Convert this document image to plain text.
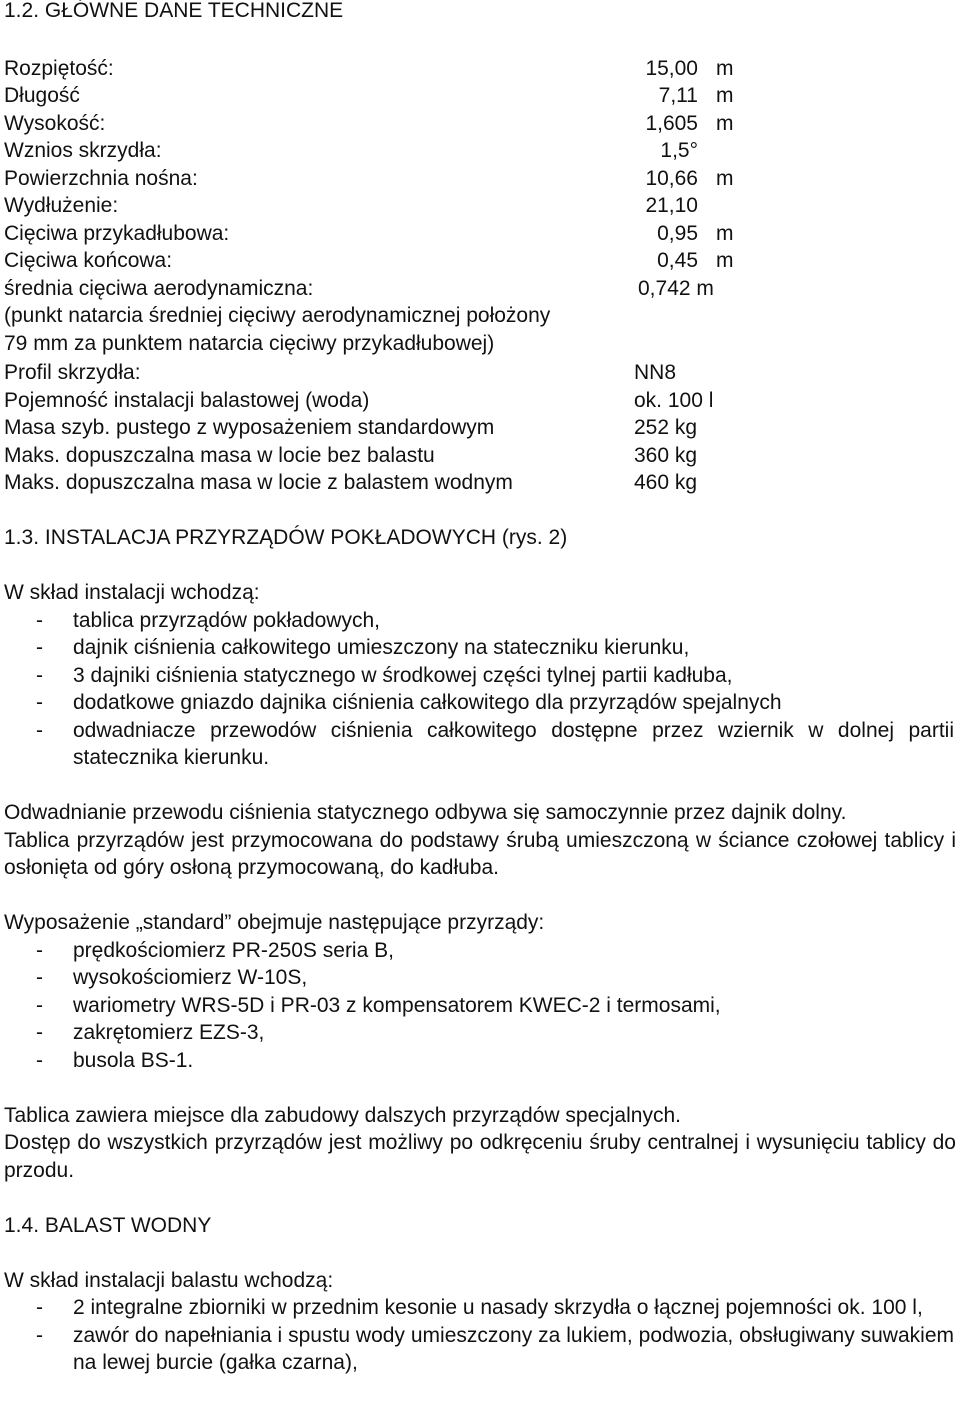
1.2. GŁÓWNE DANE TECHNICZNE
Rozpiętość:	15,00 m
Długość	7,11 m
Wysokość:	1,605 m
Wznios skrzydła:	1,5°
Powierzchnia nośna:	10,66 m
Wydłużenie:	21,10
Cięciwa przykadłubowa:	0,95 m
Cięciwa końcowa:	0,45 m
średnia cięciwa aerodynamiczna:	0,742 m
(punkt natarcia średniej cięciwy aerodynamicznej położony
79 mm za punktem natarcia cięciwy przykadłubowej)
Profil skrzydła:	NN8
Pojemność instalacji balastowej (woda)	ok. 100 l
Masa szyb. pustego z wyposażeniem standardowym	252 kg
Maks. dopuszczalna masa w locie bez balastu	360 kg
Maks. dopuszczalna masa w locie z balastem wodnym	460 kg
1.3. INSTALACJA PRZYRZĄDÓW POKŁADOWYCH (rys. 2)

W skład instalacji wchodzą:

-	tablica przyrządów pokładowych,
-	dajnik ciśnienia całkowitego umieszczony na stateczniku kierunku,
-	3 dajniki ciśnienia statycznego w środkowej części tylnej partii kadłuba,
-	dodatkowe gniazdo dajnika ciśnienia całkowitego dla przyrządów spejalnych
-	odwadniacze przewodów ciśnienia całkowitego dostępne przez wziernik w dolnej partii statecznika kierunku.

Odwadnianie przewodu ciśnienia statycznego odbywa się samoczynnie przez dajnik dolny.

Tablica przyrządów jest przymocowana do podstawy śrubą umieszczoną w ściance czołowej tablicy i osłonięta od góry osłoną przymocowaną, do kadłuba.

Wyposażenie „standard” obejmuje następujące przyrządy:

-	prędkościomierz PR-250S seria B,
-	wysokościomierz W-10S,
-	wariometry WRS-5D i PR-03 z kompensatorem KWEC-2 i termosami,
-	zakrętomierz EZS-3,
-	busola BS-1.

Tablica zawiera miejsce dla zabudowy dalszych przyrządów specjalnych.

Dostęp do wszystkich przyrządów jest możliwy po odkręceniu śruby centralnej i wysunięciu tablicy do przodu.

1.4. BALAST WODNY

W skład instalacji balastu wchodzą:

-	2 integralne zbiorniki w przednim kesonie u nasady skrzydła o łącznej pojemności ok. 100 l,
-	zawór do napełniania i spustu wody umieszczony za lukiem, podwozia, obsługiwany suwakiem na lewej burcie (gałka czarna),
